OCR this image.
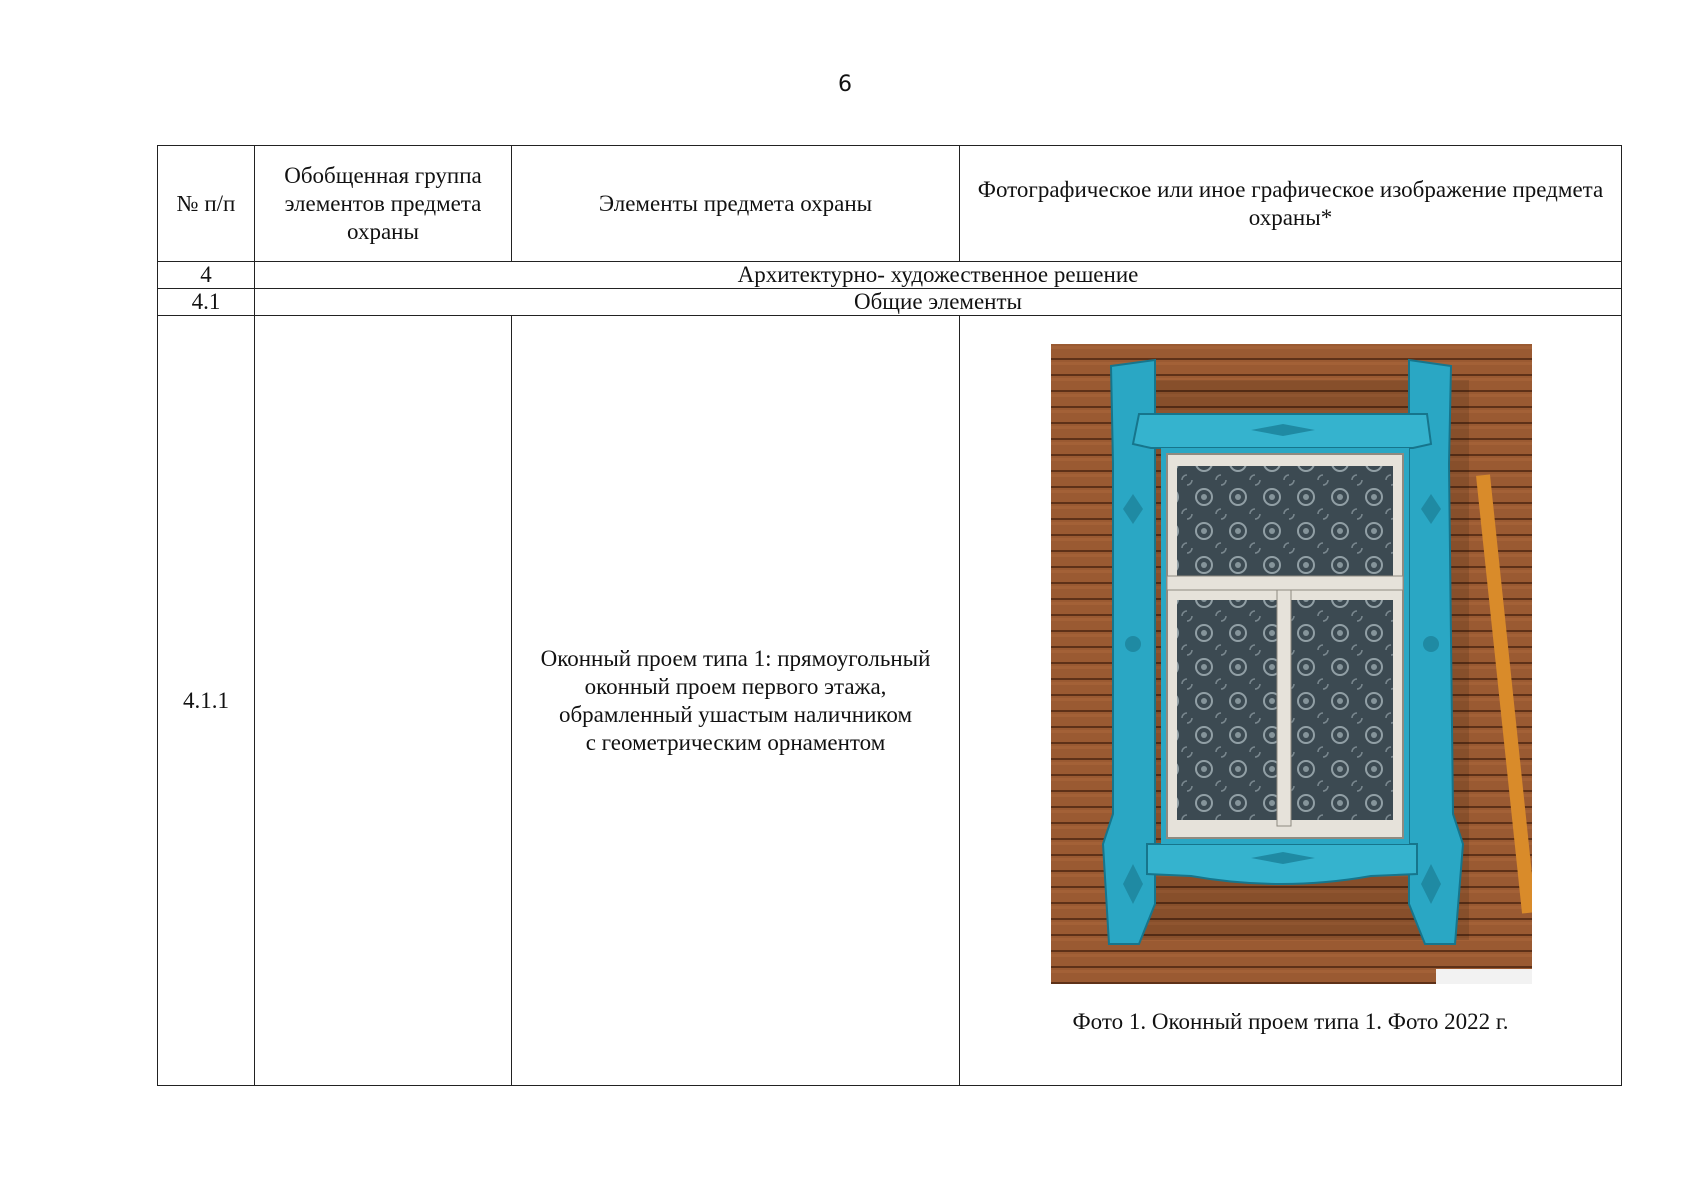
6
№ п/п	Обобщенная группа элементов предмета охраны	Элементы предмета охраны	Фотографическое или иное графическое изображение предмета охраны*
4	Архитектурно- художественное решение		
4.1	Общие элементы		
4.1.1		Оконный проем типа 1: прямоугольный
оконный проем первого этажа,
обрамленный ушастым наличником
с геометрическим орнаментом	Фото 1. Оконный проем типа 1. Фото 2022 г.
